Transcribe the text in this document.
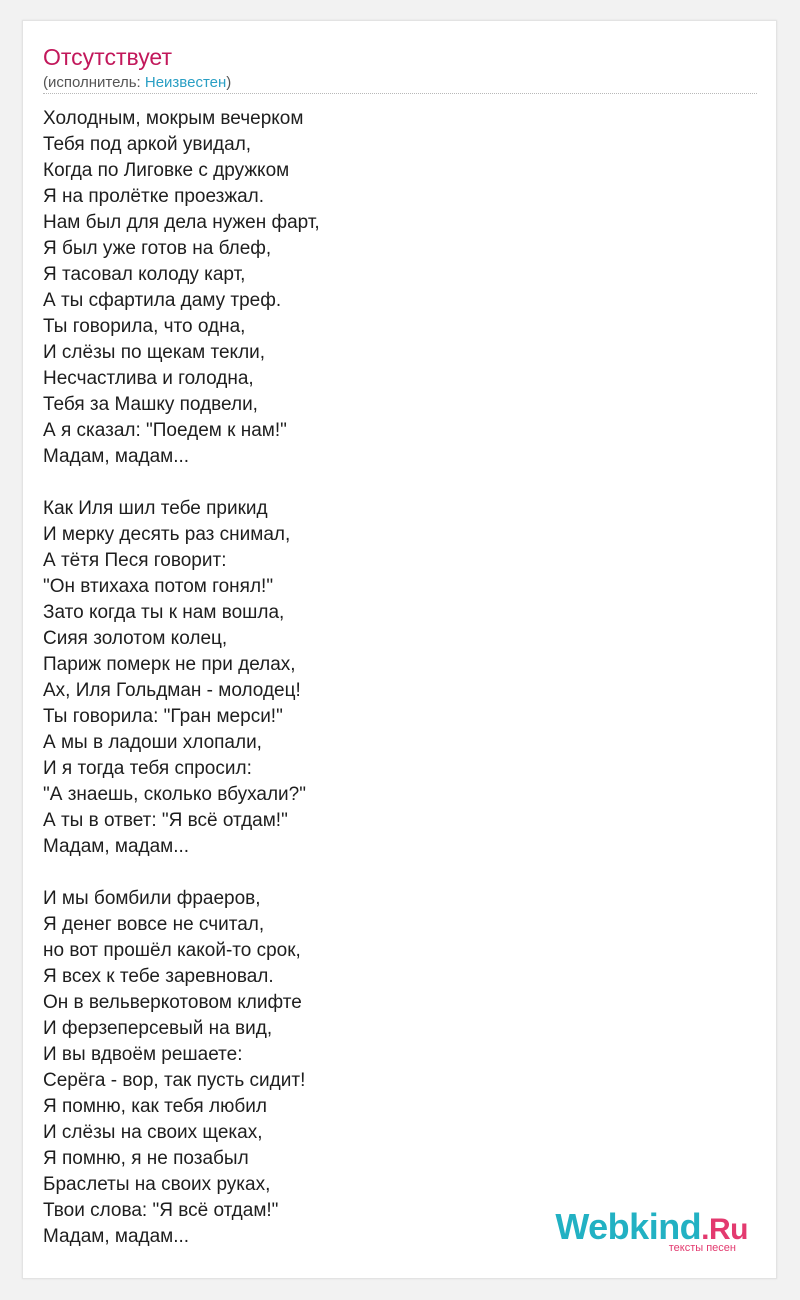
Отсутствует
(исполнитель: Неизвестен)
Холодным, мокрым вечерком
Тебя под аркой увидал,
Когда по Лиговке с дружком
Я на пролётке проезжал.
Нам был для дела нужен фарт,
Я был уже готов на блеф,
Я тасовал колоду карт,
А ты сфартила даму треф.
Ты говорила, что одна,
И слёзы по щекам текли,
Несчастлива и голодна,
Тебя за Машку подвели,
А я сказал: "Поедем к нам!"
Мадам, мадам...
Как Иля шил тебе прикид
И мерку десять раз снимал,
А тётя Песя говорит:
"Он втихаха потом гонял!"
Зато когда ты к нам вошла,
Сияя золотом колец,
Париж померк не при делах,
Ах, Иля Гольдман - молодец!
Ты говорила: "Гран мерси!"
А мы в ладоши хлопали,
И я тогда тебя спросил:
"А знаешь, сколько вбухали?"
А ты в ответ: "Я всё отдам!"
Мадам, мадам...
И мы бомбили фраеров,
Я денег вовсе не считал,
но вот прошёл какой-то срок,
Я всех к тебе заревновал.
Он в вельверкотовом клифте
И ферзеперсевый на вид,
И вы вдвоём решаете:
Серёга - вор, так пусть сидит!
Я помню, как тебя любил
И слёзы на своих щеках,
Я помню, я не позабыл
Браслеты на своих руках,
Твои слова: "Я всё отдам!"
Мадам, мадам...	Webkind.Ru
тексты песен
